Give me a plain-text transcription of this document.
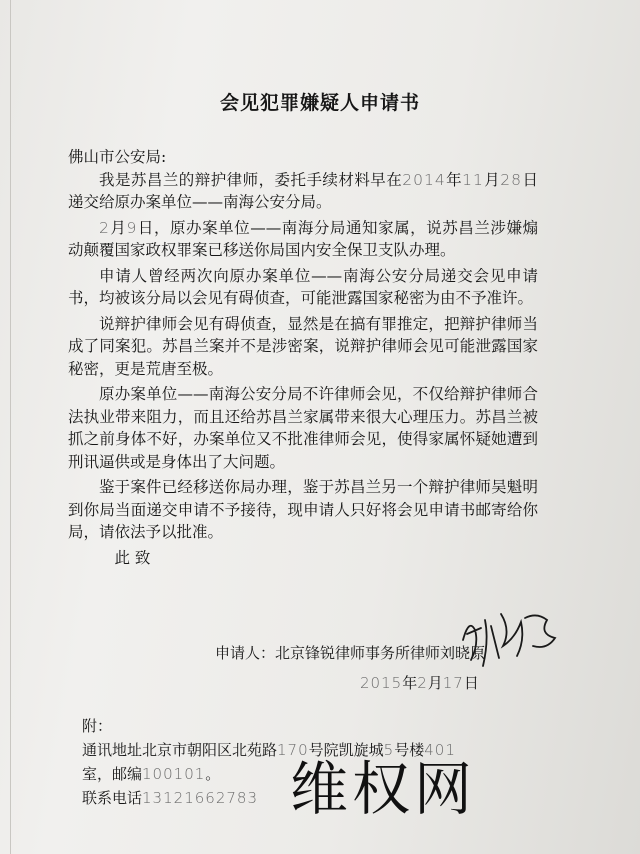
会见犯罪嫌疑人申请书

佛山市公安局:

我是苏昌兰的辩护律师，委托手续材料早在2014年11月28日递交给原办案单位——南海公安分局。

2月9日，原办案单位——南海分局通知家属，说苏昌兰涉嫌煽动颠覆国家政权罪案已移送你局国内安全保卫支队办理。

申请人曾经两次向原办案单位——南海公安分局递交会见申请书，均被该分局以会见有碍侦查，可能泄露国家秘密为由不予准许。

说辩护律师会见有碍侦查，显然是在搞有罪推定，把辩护律师当成了同案犯。苏昌兰案并不是涉密案，说辩护律师会见可能泄露国家秘密，更是荒唐至极。

原办案单位——南海公安分局不许律师会见，不仅给辩护律师合法执业带来阻力，而且还给苏昌兰家属带来很大心理压力。苏昌兰被抓之前身体不好，办案单位又不批准律师会见，使得家属怀疑她遭到刑讯逼供或是身体出了大问题。

鉴于案件已经移送你局办理，鉴于苏昌兰另一个辩护律师吴魁明到你局当面递交申请不予接待，现申请人只好将会见申请书邮寄给你局，请依法予以批准。

此 致

申请人：北京锋锐律师事务所律师刘晓原
2015年2月17日
附：
通讯地址北京市朝阳区北苑路170号院凯旋城5号楼401
室，邮编100101。
联系电话13121662783 维权网
